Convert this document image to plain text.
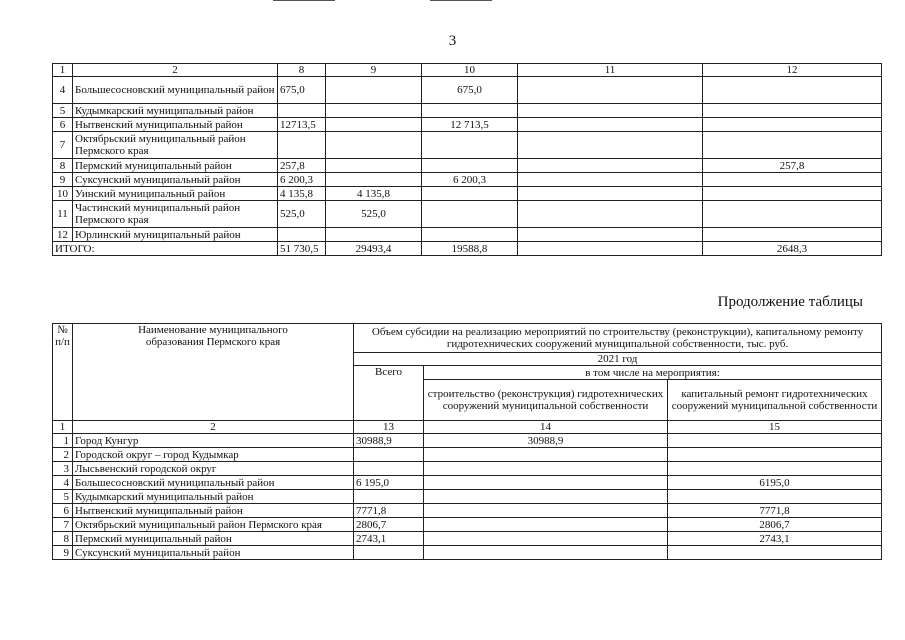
3
1	2	8	9	10	11	12
4	Большесосновский муниципальный район	675,0		675,0		
5	Кудымкарский муниципальный район					
6	Нытвенский муниципальный район	12713,5		12 713,5		
7	Октябрьский муниципальный район Пермского края					
8	Пермский муниципальный район	257,8				257,8
9	Суксунский муниципальный район	6 200,3		6 200,3		
10	Уинский муниципальный район	4 135,8	4 135,8			
11	Частинский муниципальный район Пермского края	525,0	525,0			
12	Юрлинский муниципальный район					
ИТОГО:		51 730,5	29493,4	19588,8		2648,3
Продолжение таблицы
№ п/п	Наименование муниципального образования Пермского края	Объем субсидии на реализацию мероприятий по строительству (реконструкции), капитальному ремонту гидротехнических сооружений муниципальной собственности, тыс. руб.		
		2021 год		
		Всего	в том числе на мероприятия:	
			строительство (реконструкция) гидротехнических сооружений муниципальной собственности	капитальный ремонт гидротехнических сооружений муниципальной собственности
1	2	13	14	15
1	Город Кунгур	30988,9	30988,9	
2	Городской округ – город Кудымкар			
3	Лысьвенский городской округ			
4	Большесосновский муниципальный район	6 195,0		6195,0
5	Кудымкарский муниципальный район			
6	Нытвенский муниципальный район	7771,8		7771,8
7	Октябрьский муниципальный район Пермского края	2806,7		2806,7
8	Пермский муниципальный район	2743,1		2743,1
9	Суксунский муниципальный район			
